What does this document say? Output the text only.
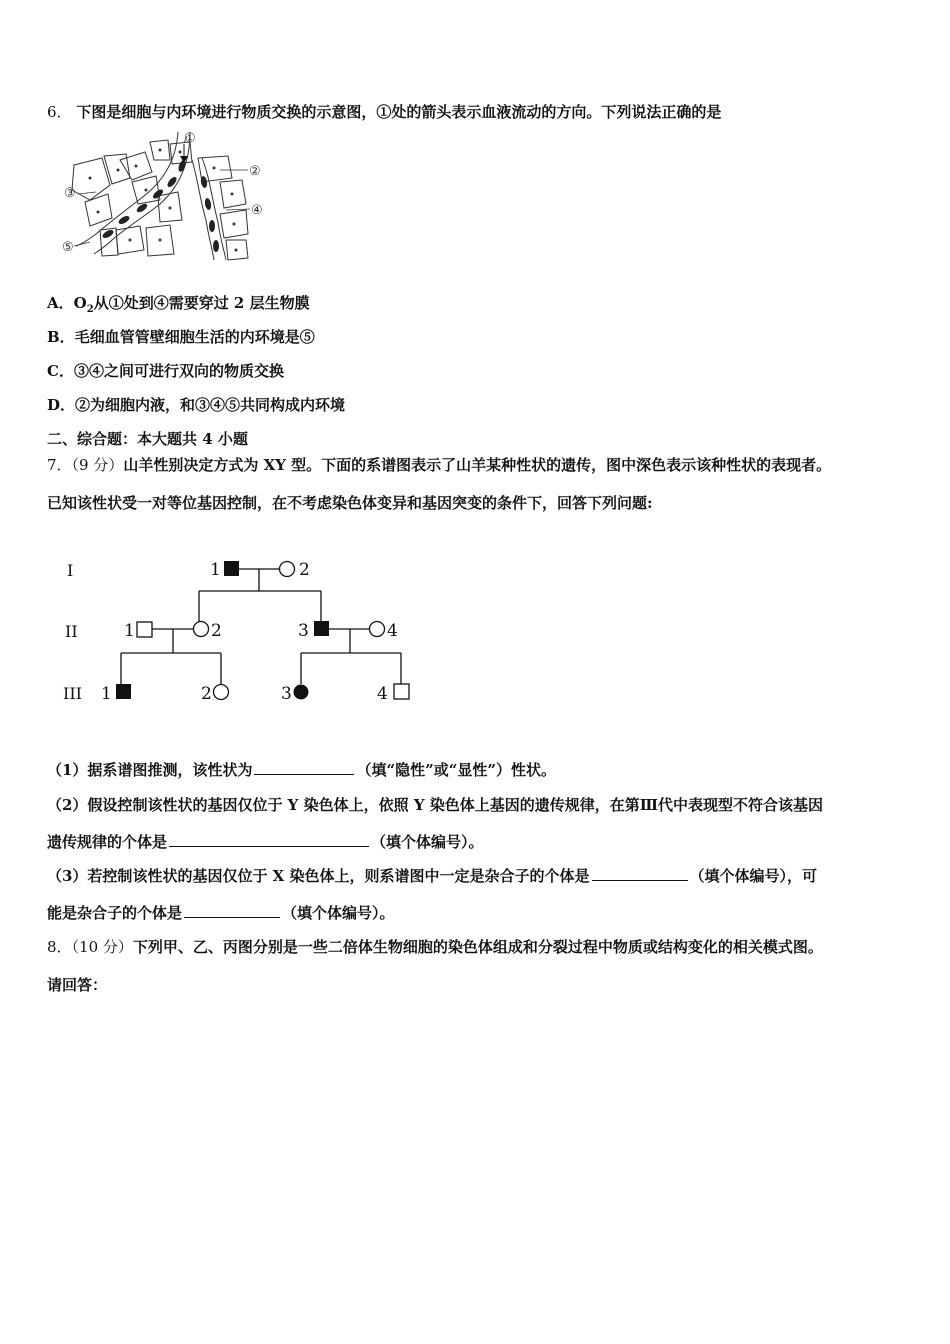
6． 下图是细胞与内环境进行物质交换的示意图，①处的箭头表示血液流动的方向。下列说法正确的是
①
②
③
④
⑤
A．$O_2$从①处到④需要穿过 2 层生物膜
B．毛细血管管壁细胞生活的内环境是⑤
C．③④之间可进行双向的物质交换
D．②为细胞内液，和③④⑤共同构成内环境
二、综合题：本大题共 4 小题
7．（9 分）山羊性别决定方式为 XY 型。下面的系谱图表示了山羊某种性状的遗传，图中深色表示该种性状的表现者。
已知该性状受一对等位基因控制，在不考虑染色体变异和基因突变的条件下，回答下列问题:
I
II
III
1	2
1	2	3	4
1	2	3	4
（1）据系谱图推测，该性状为	（填“隐性”或“显性”）性状。
（2）假设控制该性状的基因仅位于 Y 染色体上，依照 Y 染色体上基因的遗传规律，在第Ⅲ代中表现型不符合该基因
遗传规律的个体是	（填个体编号）。
（3）若控制该性状的基因仅位于 X 染色体上，则系谱图中一定是杂合子的个体是	（填个体编号），可
能是杂合子的个体是	（填个体编号）。
8．（10 分）下列甲、乙、丙图分别是一些二倍体生物细胞的染色体组成和分裂过程中物质或结构变化的相关模式图。
请回答：
